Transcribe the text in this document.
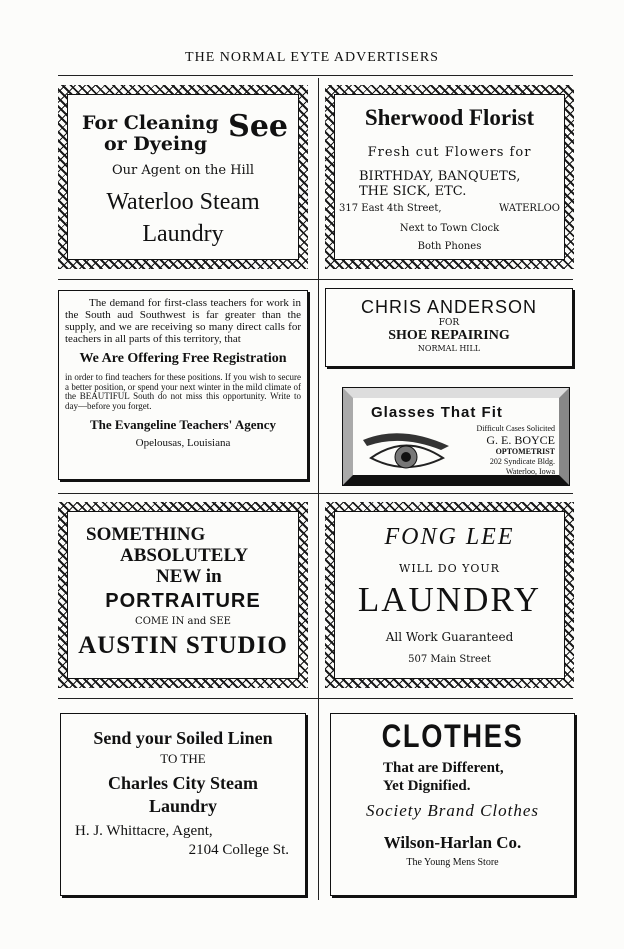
THE NORMAL EYTE ADVERTISERS
For Cleaning
or Dyeing See
Our Agent on the Hill
Waterloo Steam
Laundry
Sherwood Florist
Fresh cut Flowers for
BIRTHDAY, BANQUETS,
THE SICK, ETC.
317 East 4th Street,	WATERLOO
Next to Town Clock
Both Phones
The demand for first-class teachers for work in the South aud Southwest is far greater than the supply, and we are receiving so many direct calls for teachers in all parts of this territory, that
We Are Offering Free Registration
in order to find teachers for these positions. If you wish to secure a better position, or spend your next winter in the mild climate of the BEAUTIFUL South do not miss this opportunity. Write to day—before you forget.
The Evangeline Teachers' Agency
Opelousas, Louisiana
CHRIS ANDERSON
FOR
SHOE REPAIRING
NORMAL HILL
Glasses That Fit
Difficult Cases Solicited
G. E. BOYCE
OPTOMETRIST
202 Syndicate Bldg.
Waterloo, Iowa
SOMETHING
ABSOLUTELY
NEW in
PORTRAITURE
COME IN and SEE
AUSTIN STUDIO
FONG LEE
WILL DO YOUR
LAUNDRY
All Work Guaranteed
507 Main Street
Send your Soiled Linen
TO THE
Charles City Steam
Laundry
H. J. Whittacre, Agent,
2104 College St.
CLOTHES
That are Different,
Yet Dignified.
Society Brand Clothes
Wilson-Harlan Co.
The Young Mens Store
